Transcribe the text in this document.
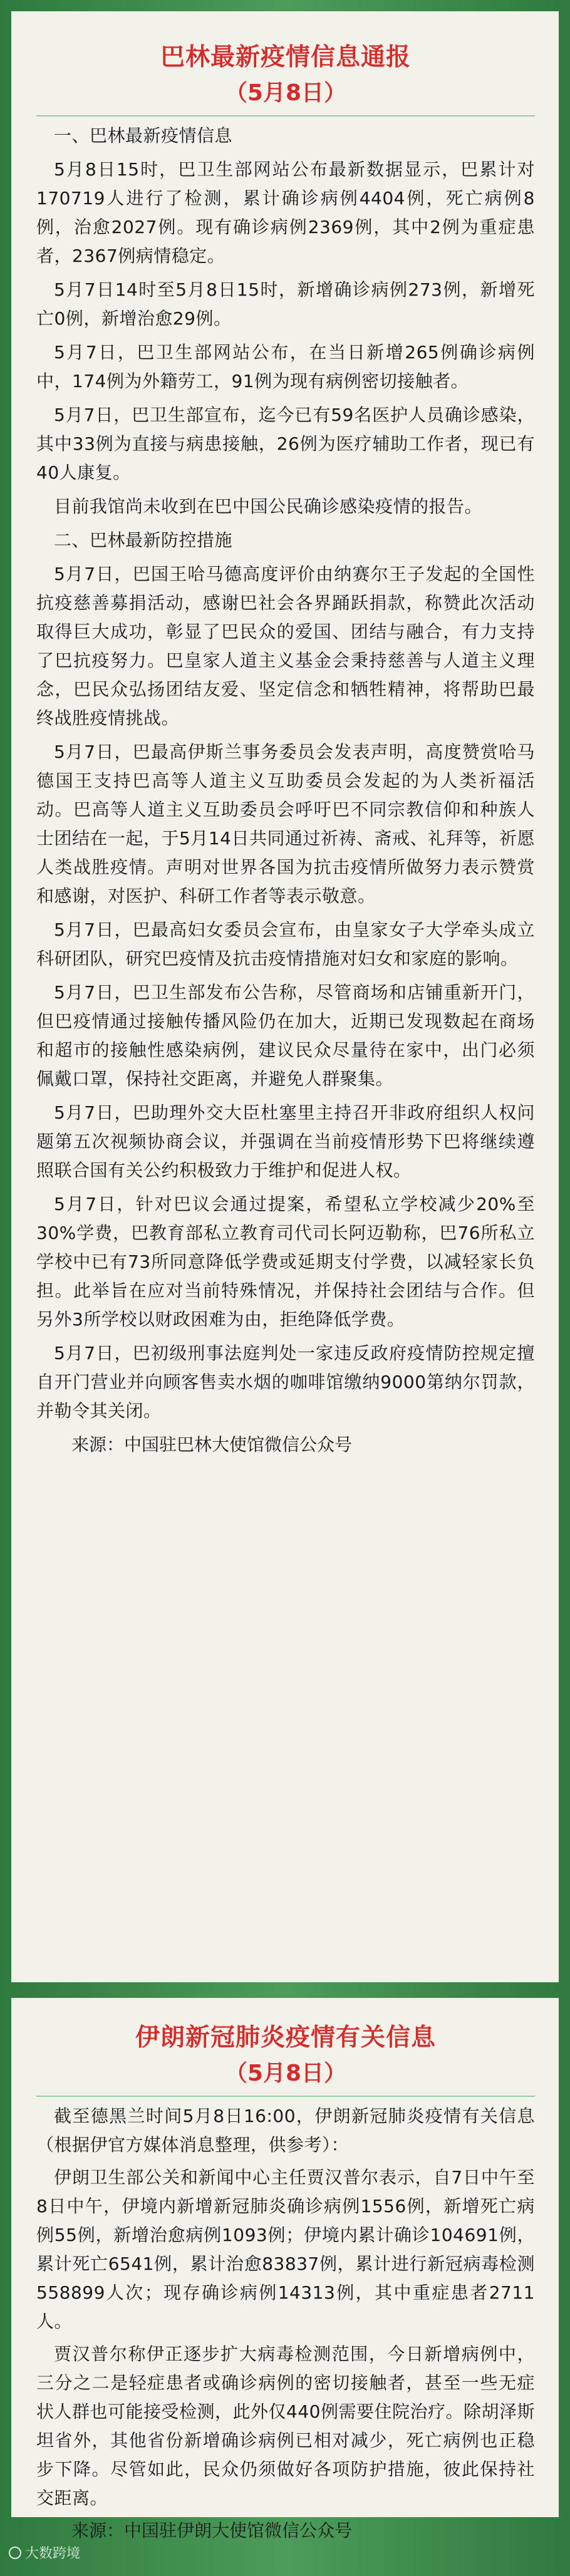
巴林最新疫情信息通报
（5月8日）

一、巴林最新疫情信息

5月8日15时，巴卫生部网站公布最新数据显示，巴累计对 170719人进行了检测，累计确诊病例4404例，死亡病例8例，治愈2027例。现有确诊病例2369例，其中2例为重症患者，2367例病情稳定。

5月7日14时至5月8日15时，新增确诊病例273例，新增死亡0例，新增治愈29例。

5月7日，巴卫生部网站公布，在当日新增265例确诊病例中，174例为外籍劳工，91例为现有病例密切接触者。

5月7日，巴卫生部宣布，迄今已有59名医护人员确诊感染，其中33例为直接与病患接触，26例为医疗辅助工作者，现已有40人康复。

目前我馆尚未收到在巴中国公民确诊感染疫情的报告。

二、巴林最新防控措施

5月7日，巴国王哈马德高度评价由纳赛尔王子发起的全国性抗疫慈善募捐活动，感谢巴社会各界踊跃捐款，称赞此次活动取得巨大成功，彰显了巴民众的爱国、团结与融合，有力支持了巴抗疫努力。巴皇家人道主义基金会秉持慈善与人道主义理念，巴民众弘扬团结友爱、坚定信念和牺牲精神，将帮助巴最终战胜疫情挑战。

5月7日，巴最高伊斯兰事务委员会发表声明，高度赞赏哈马德国王支持巴高等人道主义互助委员会发起的为人类祈福活动。巴高等人道主义互助委员会呼吁巴不同宗教信仰和种族人士团结在一起，于5月14日共同通过祈祷、斋戒、礼拜等，祈愿人类战胜疫情。声明对世界各国为抗击疫情所做努力表示赞赏和感谢，对医护、科研工作者等表示敬意。

5月7日，巴最高妇女委员会宣布，由皇家女子大学牵头成立科研团队，研究巴疫情及抗击疫情措施对妇女和家庭的影响。

5月7日，巴卫生部发布公告称，尽管商场和店铺重新开门，但巴疫情通过接触传播风险仍在加大，近期已发现数起在商场和超市的接触性感染病例，建议民众尽量待在家中，出门必须佩戴口罩，保持社交距离，并避免人群聚集。

5月7日，巴助理外交大臣杜塞里主持召开非政府组织人权问题第五次视频协商会议，并强调在当前疫情形势下巴将继续遵照联合国有关公约积极致力于维护和促进人权。

5月7日，针对巴议会通过提案，希望私立学校减少20%至30%学费，巴教育部私立教育司代司长阿迈勒称，巴76所私立学校中已有73所同意降低学费或延期支付学费，以减轻家长负担。此举旨在应对当前特殊情况，并保持社会团结与合作。但另外3所学校以财政困难为由，拒绝降低学费。

5月7日，巴初级刑事法庭判处一家违反政府疫情防控规定擅自开门营业并向顾客售卖水烟的咖啡馆缴纳9000第纳尔罚款，并勒令其关闭。

来源：中国驻巴林大使馆微信公众号

伊朗新冠肺炎疫情有关信息
（5月8日）

截至德黑兰时间5月8日16:00，伊朗新冠肺炎疫情有关信息（根据伊官方媒体消息整理，供参考）：

伊朗卫生部公关和新闻中心主任贾汉普尔表示，自7日中午至8日中午，伊境内新增新冠肺炎确诊病例1556例，新增死亡病例55例，新增治愈病例1093例；伊境内累计确诊104691例，累计死亡6541例，累计治愈83837例，累计进行新冠病毒检测558899人次；现存确诊病例14313例，其中重症患者2711人。

贾汉普尔称伊正逐步扩大病毒检测范围，今日新增病例中，三分之二是轻症患者或确诊病例的密切接触者，甚至一些无症状人群也可能接受检测，此外仅440例需要住院治疗。除胡泽斯坦省外，其他省份新增确诊病例已相对减少，死亡病例也正稳步下降。尽管如此，民众仍须做好各项防护措施，彼此保持社交距离。

来源：中国驻伊朗大使馆微信公众号

大数跨境
